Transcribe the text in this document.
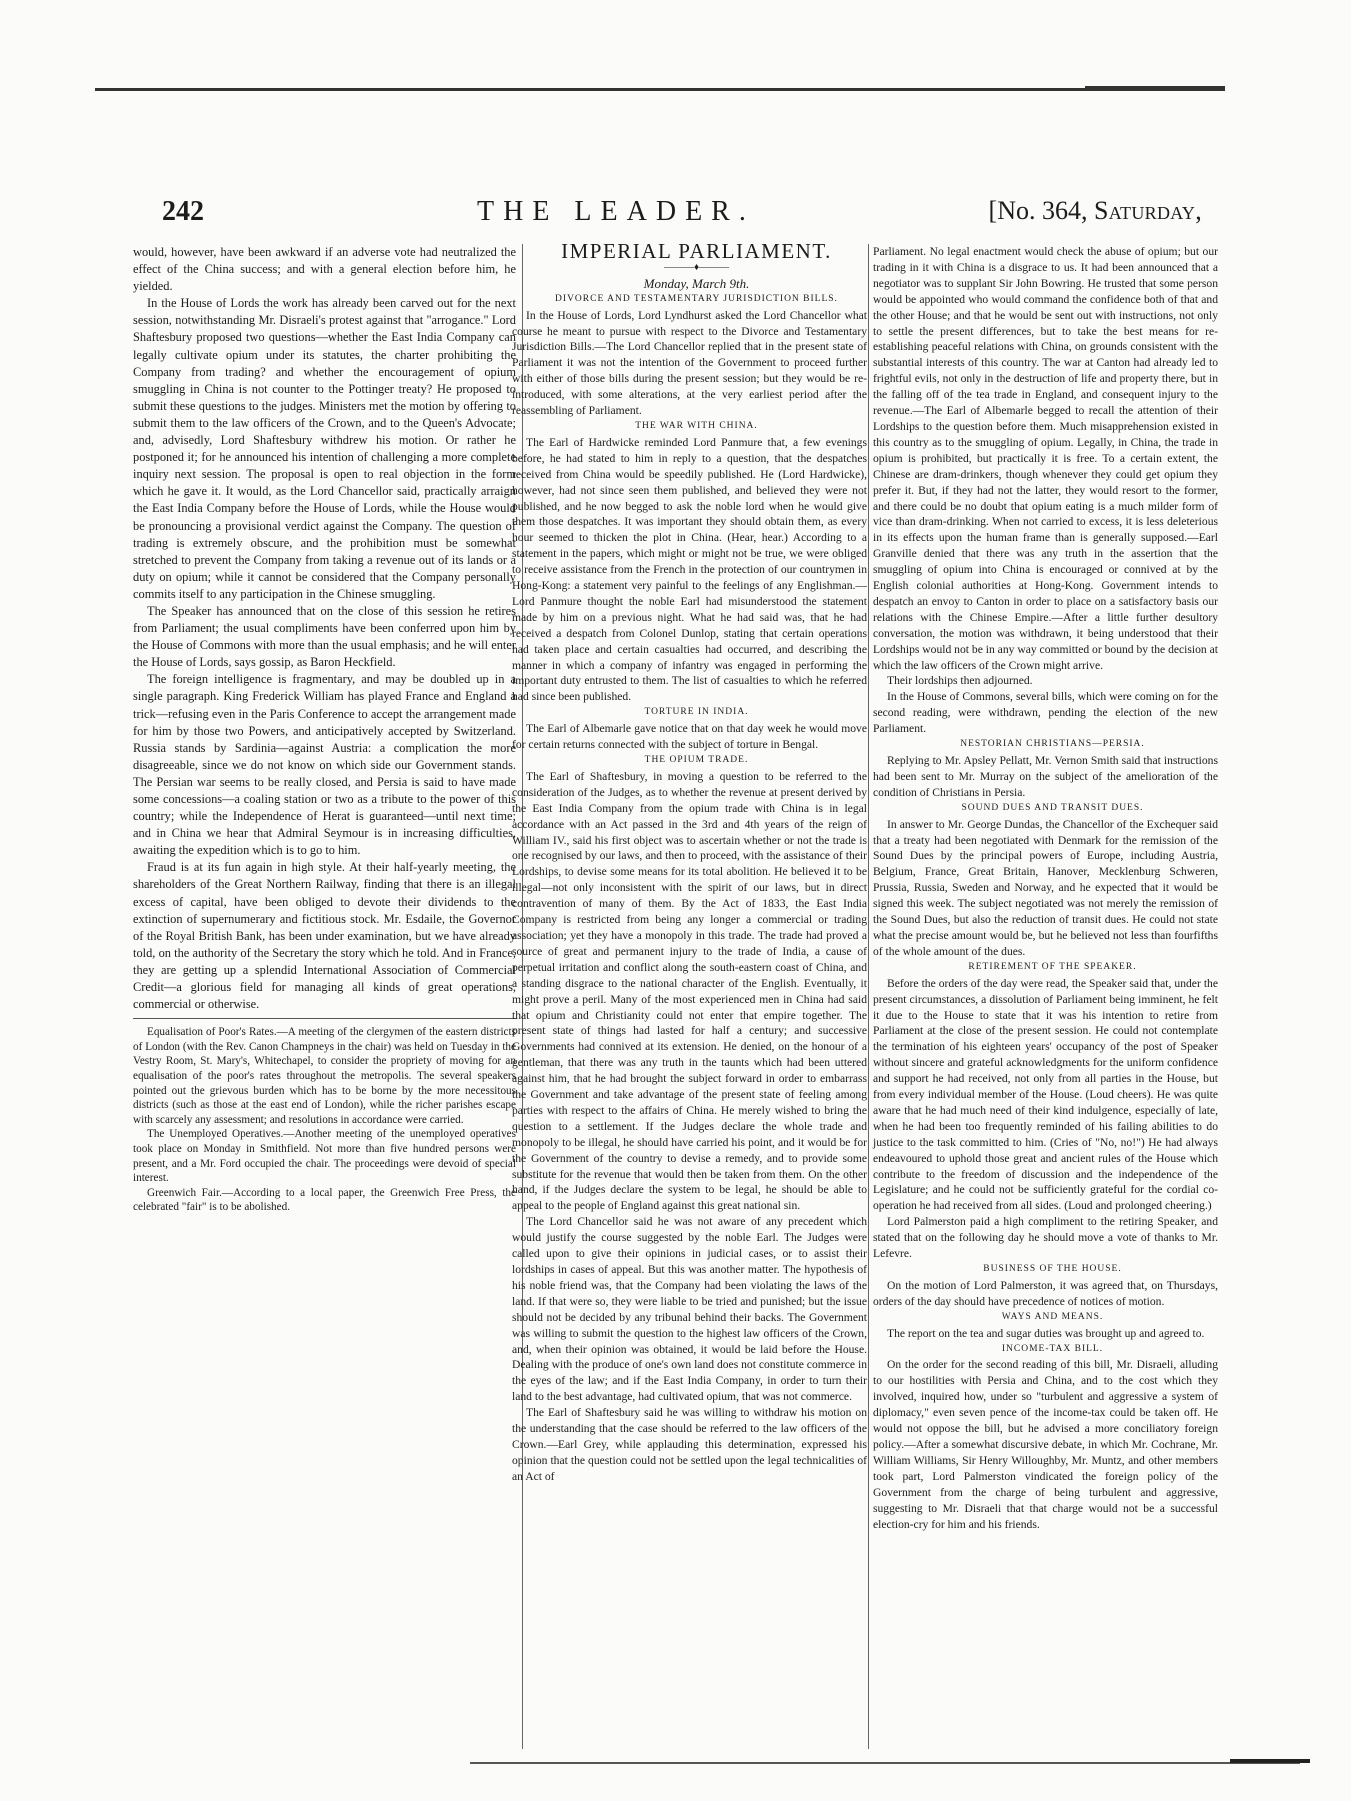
242	THE LEADER.	[No. 364, Saturday,

would, however, have been awkward if an adverse vote had neutralized the effect of the China success; and with a general election before him, he yielded.

In the House of Lords the work has already been carved out for the next session, notwithstanding Mr. Disraeli's protest against that "arrogance." Lord Shaftesbury proposed two questions—whether the East India Company can legally cultivate opium under its statutes, the charter prohibiting the Company from trading? and whether the encouragement of opium smuggling in China is not counter to the Pottinger treaty? He proposed to submit these questions to the judges. Ministers met the motion by offering to submit them to the law officers of the Crown, and to the Queen's Advocate; and, advisedly, Lord Shaftesbury withdrew his motion. Or rather he postponed it; for he announced his intention of challenging a more complete inquiry next session. The proposal is open to real objection in the form which he gave it. It would, as the Lord Chancellor said, practically arraign the East India Company before the House of Lords, while the House would be pronouncing a provisional verdict against the Company. The question of trading is extremely obscure, and the prohibition must be somewhat stretched to prevent the Company from taking a revenue out of its lands or a duty on opium; while it cannot be considered that the Company personally commits itself to any participation in the Chinese smuggling.

The Speaker has announced that on the close of this session he retires from Parliament; the usual compliments have been conferred upon him by the House of Commons with more than the usual emphasis; and he will enter the House of Lords, says gossip, as Baron Heckfield.

The foreign intelligence is fragmentary, and may be doubled up in a single paragraph. King Frederick William has played France and England a trick—refusing even in the Paris Conference to accept the arrangement made for him by those two Powers, and anticipatively accepted by Switzerland. Russia stands by Sardinia—against Austria: a complication the more disagreeable, since we do not know on which side our Government stands. The Persian war seems to be really closed, and Persia is said to have made some concessions—a coaling station or two as a tribute to the power of this country; while the Independence of Herat is guaranteed—until next time; and in China we hear that Admiral Seymour is in increasing difficulties, awaiting the expedition which is to go to him.

Fraud is at its fun again in high style. At their half-yearly meeting, the shareholders of the Great Northern Railway, finding that there is an illegal excess of capital, have been obliged to devote their dividends to the extinction of supernumerary and fictitious stock. Mr. Esdaile, the Governor of the Royal British Bank, has been under examination, but we have already told, on the authority of the Secretary the story which he told. And in France, they are getting up a splendid International Association of Commercial Credit—a glorious field for managing all kinds of great operations, commercial or otherwise.

Equalisation of Poor's Rates.—A meeting of the clergymen of the eastern districts of London (with the Rev. Canon Champneys in the chair) was held on Tuesday in the Vestry Room, St. Mary's, Whitechapel, to consider the propriety of moving for an equalisation of the poor's rates throughout the metropolis. The several speakers pointed out the grievous burden which has to be borne by the more necessitous districts (such as those at the east end of London), while the richer parishes escape with scarcely any assessment; and resolutions in accordance were carried.

The Unemployed Operatives.—Another meeting of the unemployed operatives took place on Monday in Smithfield. Not more than five hundred persons were present, and a Mr. Ford occupied the chair. The proceedings were devoid of special interest.

Greenwich Fair.—According to a local paper, the Greenwich Free Press, the celebrated "fair" is to be abolished.

IMPERIAL PARLIAMENT.

———♦———

Monday, March 9th.

DIVORCE AND TESTAMENTARY JURISDICTION BILLS.

In the House of Lords, Lord Lyndhurst asked the Lord Chancellor what course he meant to pursue with respect to the Divorce and Testamentary Jurisdiction Bills.—The Lord Chancellor replied that in the present state of Parliament it was not the intention of the Government to proceed further with either of those bills during the present session; but they would be re-introduced, with some alterations, at the very earliest period after the reassembling of Parliament.

THE WAR WITH CHINA.

The Earl of Hardwicke reminded Lord Panmure that, a few evenings before, he had stated to him in reply to a question, that the despatches received from China would be speedily published. He (Lord Hardwicke), however, had not since seen them published, and believed they were not published, and he now begged to ask the noble lord when he would give them those despatches. It was important they should obtain them, as every hour seemed to thicken the plot in China. (Hear, hear.) According to a statement in the papers, which might or might not be true, we were obliged to receive assistance from the French in the protection of our countrymen in Hong-Kong: a statement very painful to the feelings of any Englishman.—Lord Panmure thought the noble Earl had misunderstood the statement made by him on a previous night. What he had said was, that he had received a despatch from Colonel Dunlop, stating that certain operations had taken place and certain casualties had occurred, and describing the manner in which a company of infantry was engaged in performing the important duty entrusted to them. The list of casualties to which he referred had since been published.

TORTURE IN INDIA.

The Earl of Albemarle gave notice that on that day week he would move for certain returns connected with the subject of torture in Bengal.

THE OPIUM TRADE.

The Earl of Shaftesbury, in moving a question to be referred to the consideration of the Judges, as to whether the revenue at present derived by the East India Company from the opium trade with China is in legal accordance with an Act passed in the 3rd and 4th years of the reign of William IV., said his first object was to ascertain whether or not the trade is one recognised by our laws, and then to proceed, with the assistance of their Lordships, to devise some means for its total abolition. He believed it to be illegal—not only inconsistent with the spirit of our laws, but in direct contravention of many of them. By the Act of 1833, the East India Company is restricted from being any longer a commercial or trading association; yet they have a monopoly in this trade. The trade had proved a source of great and permanent injury to the trade of India, a cause of perpetual irritation and conflict along the south-eastern coast of China, and a standing disgrace to the national character of the English. Eventually, it might prove a peril. Many of the most experienced men in China had said that opium and Christianity could not enter that empire together. The present state of things had lasted for half a century; and successive Governments had connived at its extension. He denied, on the honour of a gentleman, that there was any truth in the taunts which had been uttered against him, that he had brought the subject forward in order to embarrass the Government and take advantage of the present state of feeling among parties with respect to the affairs of China. He merely wished to bring the question to a settlement. If the Judges declare the whole trade and monopoly to be illegal, he should have carried his point, and it would be for the Government of the country to devise a remedy, and to provide some substitute for the revenue that would then be taken from them. On the other hand, if the Judges declare the system to be legal, he should be able to appeal to the people of England against this great national sin.

The Lord Chancellor said he was not aware of any precedent which would justify the course suggested by the noble Earl. The Judges were called upon to give their opinions in judicial cases, or to assist their lordships in cases of appeal. But this was another matter. The hypothesis of his noble friend was, that the Company had been violating the laws of the land. If that were so, they were liable to be tried and punished; but the issue should not be decided by any tribunal behind their backs. The Government was willing to submit the question to the highest law officers of the Crown, and, when their opinion was obtained, it would be laid before the House. Dealing with the produce of one's own land does not constitute commerce in the eyes of the law; and if the East India Company, in order to turn their land to the best advantage, had cultivated opium, that was not commerce.

The Earl of Shaftesbury said he was willing to withdraw his motion on the understanding that the case should be referred to the law officers of the Crown.—Earl Grey, while applauding this determination, expressed his opinion that the question could not be settled upon the legal technicalities of an Act of

Parliament. No legal enactment would check the abuse of opium; but our trading in it with China is a disgrace to us. It had been announced that a negotiator was to supplant Sir John Bowring. He trusted that some person would be appointed who would command the confidence both of that and the other House; and that he would be sent out with instructions, not only to settle the present differences, but to take the best means for re-establishing peaceful relations with China, on grounds consistent with the substantial interests of this country. The war at Canton had already led to frightful evils, not only in the destruction of life and property there, but in the falling off of the tea trade in England, and consequent injury to the revenue.—The Earl of Albemarle begged to recall the attention of their Lordships to the question before them. Much misapprehension existed in this country as to the smuggling of opium. Legally, in China, the trade in opium is prohibited, but practically it is free. To a certain extent, the Chinese are dram-drinkers, though whenever they could get opium they prefer it. But, if they had not the latter, they would resort to the former, and there could be no doubt that opium eating is a much milder form of vice than dram-drinking. When not carried to excess, it is less deleterious in its effects upon the human frame than is generally supposed.—Earl Granville denied that there was any truth in the assertion that the smuggling of opium into China is encouraged or connived at by the English colonial authorities at Hong-Kong. Government intends to despatch an envoy to Canton in order to place on a satisfactory basis our relations with the Chinese Empire.—After a little further desultory conversation, the motion was withdrawn, it being understood that their Lordships would not be in any way committed or bound by the decision at which the law officers of the Crown might arrive.

Their lordships then adjourned.

In the House of Commons, several bills, which were coming on for the second reading, were withdrawn, pending the election of the new Parliament.

NESTORIAN CHRISTIANS—PERSIA.

Replying to Mr. Apsley Pellatt, Mr. Vernon Smith said that instructions had been sent to Mr. Murray on the subject of the amelioration of the condition of Christians in Persia.

SOUND DUES AND TRANSIT DUES.

In answer to Mr. George Dundas, the Chancellor of the Exchequer said that a treaty had been negotiated with Denmark for the remission of the Sound Dues by the principal powers of Europe, including Austria, Belgium, France, Great Britain, Hanover, Mecklenburg Schweren, Prussia, Russia, Sweden and Norway, and he expected that it would be signed this week. The subject negotiated was not merely the remission of the Sound Dues, but also the reduction of transit dues. He could not state what the precise amount would be, but he believed not less than fourfifths of the whole amount of the dues.

RETIREMENT OF THE SPEAKER.

Before the orders of the day were read, the Speaker said that, under the present circumstances, a dissolution of Parliament being imminent, he felt it due to the House to state that it was his intention to retire from Parliament at the close of the present session. He could not contemplate the termination of his eighteen years' occupancy of the post of Speaker without sincere and grateful acknowledgments for the uniform confidence and support he had received, not only from all parties in the House, but from every individual member of the House. (Loud cheers). He was quite aware that he had much need of their kind indulgence, especially of late, when he had been too frequently reminded of his failing abilities to do justice to the task committed to him. (Cries of "No, no!") He had always endeavoured to uphold those great and ancient rules of the House which contribute to the freedom of discussion and the independence of the Legislature; and he could not be sufficiently grateful for the cordial co-operation he had received from all sides. (Loud and prolonged cheering.)

Lord Palmerston paid a high compliment to the retiring Speaker, and stated that on the following day he should move a vote of thanks to Mr. Lefevre.

BUSINESS OF THE HOUSE.

On the motion of Lord Palmerston, it was agreed that, on Thursdays, orders of the day should have precedence of notices of motion.

WAYS AND MEANS.

The report on the tea and sugar duties was brought up and agreed to.

INCOME-TAX BILL.

On the order for the second reading of this bill, Mr. Disraeli, alluding to our hostilities with Persia and China, and to the cost which they involved, inquired how, under so "turbulent and aggressive a system of diplomacy," even seven pence of the income-tax could be taken off. He would not oppose the bill, but he advised a more conciliatory foreign policy.—After a somewhat discursive debate, in which Mr. Cochrane, Mr. William Williams, Sir Henry Willoughby, Mr. Muntz, and other members took part, Lord Palmerston vindicated the foreign policy of the Government from the charge of being turbulent and aggressive, suggesting to Mr. Disraeli that that charge would not be a successful election-cry for him and his friends.
